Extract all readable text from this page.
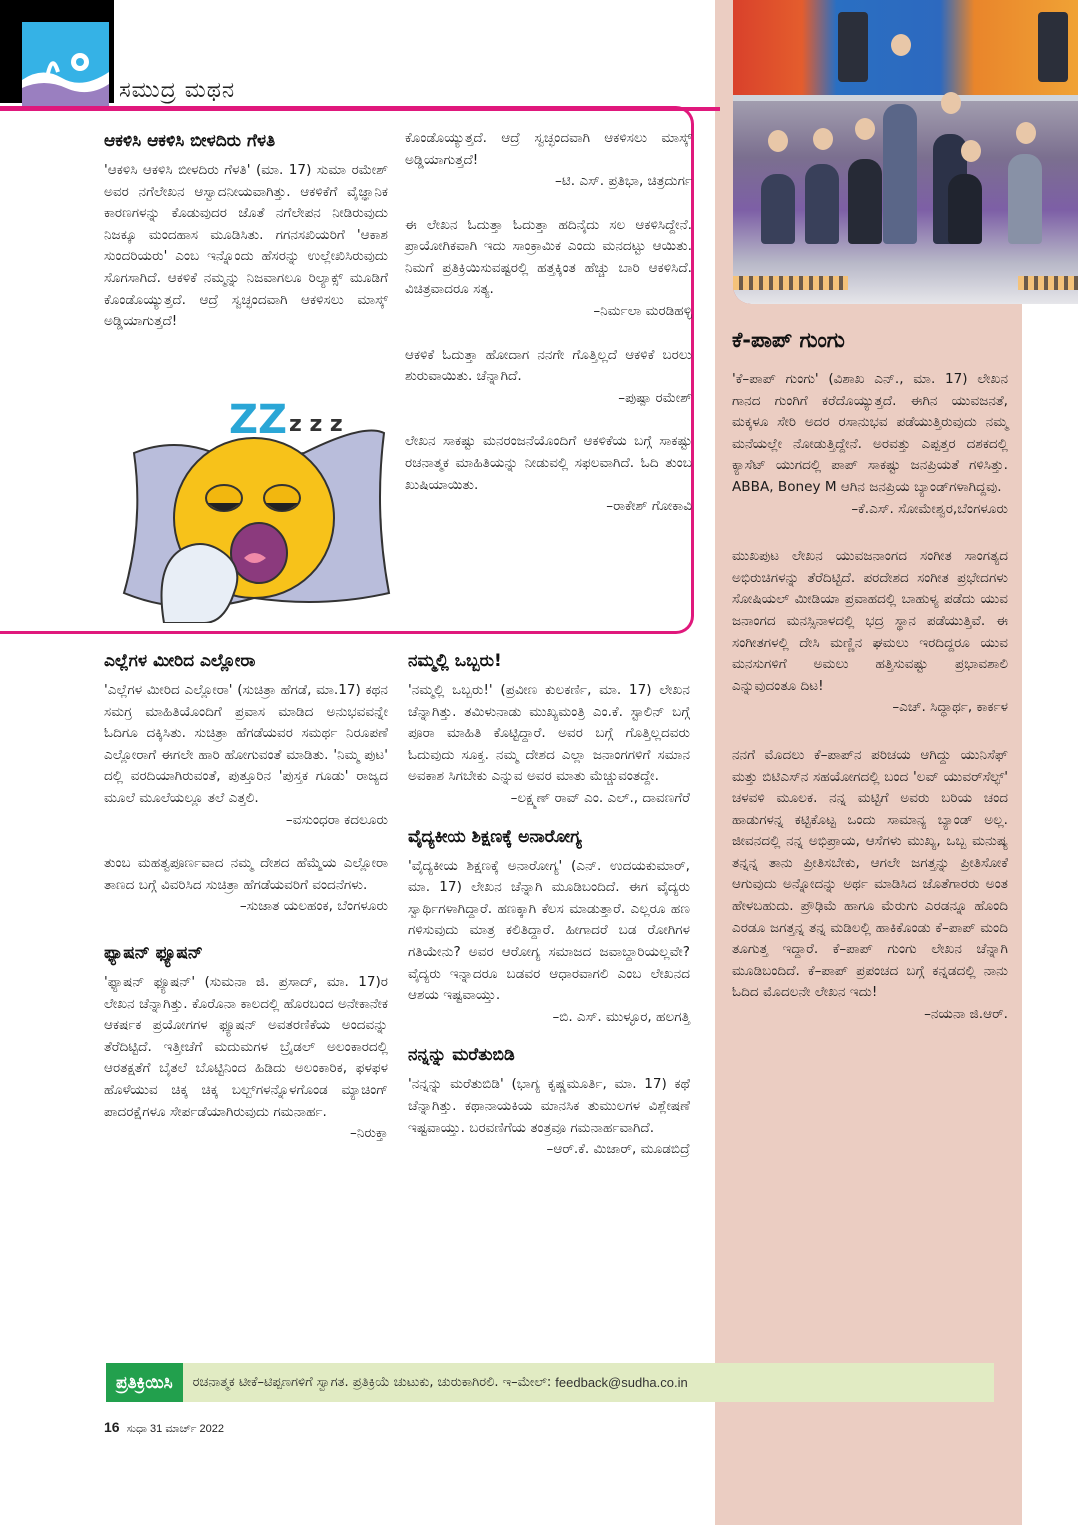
ಸಮುದ್ರ ಮಥನ
ಆಕಳಿಸಿ ಆಕಳಿಸಿ ಬೀಳದಿರು ಗೆಳತಿ

'ಆಕಳಿಸಿ ಆಕಳಿಸಿ ಬೀಳದಿರು ಗೆಳತಿ' (ಮಾ. 17) ಸುಮಾ ರಮೇಶ್ ಅವರ ನಗೆಲೇಖನ ಆಸ್ವಾದನೀಯವಾಗಿತ್ತು. ಆಕಳಿಕೆಗೆ ವೈಜ್ಞಾನಿಕ ಕಾರಣಗಳನ್ನು ಕೊಡುವುದರ ಜೊತೆ ನಗೆಲೇಪನ ನೀಡಿರುವುದು ನಿಜಕ್ಕೂ ಮಂದಹಾಸ ಮೂಡಿಸಿತು. ಗಗನಸಖಿಯರಿಗೆ 'ಆಕಾಶ ಸುಂದರಿಯರು' ಎಂಬ ಇನ್ನೊಂದು ಹೆಸರನ್ನು ಉಲ್ಲೇಖಿಸಿರುವುದು ಸೊಗಸಾಗಿದೆ. ಆಕಳಿಕೆ ನಮ್ಮನ್ನು ನಿಜವಾಗಲೂ ರಿಲ್ಯಾಕ್ಸ್ ಮೂಡಿಗೆ ಕೊಂಡೊಯ್ಯುತ್ತದೆ. ಆದ್ರೆ ಸ್ವಚ್ಛಂದವಾಗಿ ಆಕಳಿಸಲು ಮಾಸ್ಕ್ ಅಡ್ಡಿಯಾಗುತ್ತದೆ!

ZZ z z z

ಕೊಂಡೊಯ್ಯುತ್ತದೆ. ಆದ್ರೆ ಸ್ವಚ್ಛಂದವಾಗಿ ಆಕಳಿಸಲು ಮಾಸ್ಕ್ ಅಡ್ಡಿಯಾಗುತ್ತದೆ!

–ಟಿ. ಎಸ್. ಪ್ರತಿಭಾ, ಚಿತ್ರದುರ್ಗ

ಈ ಲೇಖನ ಓದುತ್ತಾ ಓದುತ್ತಾ ಹದಿನೈದು ಸಲ ಆಕಳಿಸಿದ್ದೇನೆ. ಪ್ರಾಯೋಗಿಕವಾಗಿ ಇದು ಸಾಂಕ್ರಾಮಿಕ ಎಂದು ಮನದಟ್ಟು ಆಯಿತು. ನಿಮಗೆ ಪ್ರತಿಕ್ರಿಯಿಸುವಷ್ಟರಲ್ಲಿ ಹತ್ತಕ್ಕಿಂತ ಹೆಚ್ಚು ಬಾರಿ ಆಕಳಿಸಿದೆ. ವಿಚಿತ್ರವಾದರೂ ಸತ್ಯ.

–ನಿರ್ಮಲಾ ಮರಡಿಹಳ್ಳಿ

ಆಕಳಿಕೆ ಓದುತ್ತಾ ಹೋದಾಗ ನನಗೇ ಗೊತ್ತಿಲ್ಲದೆ ಆಕಳಿಕೆ ಬರಲು ಶುರುವಾಯಿತು. ಚೆನ್ನಾಗಿದೆ.

–ಪುಷ್ಪಾ ರಮೇಶ್

ಲೇಖನ ಸಾಕಷ್ಟು ಮನರಂಜನೆಯೊಂದಿಗೆ ಆಕಳಿಕೆಯ ಬಗ್ಗೆ ಸಾಕಷ್ಟು ರಚನಾತ್ಮಕ ಮಾಹಿತಿಯನ್ನು ನೀಡುವಲ್ಲಿ ಸಫಲವಾಗಿದೆ. ಓದಿ ತುಂಬ ಖುಷಿಯಾಯಿತು.

–ರಾಕೇಶ್ ಗೋಕಾವಿ

ಎಲ್ಲೆಗಳ ಮೀರಿದ ಎಲ್ಲೋರಾ

'ಎಲ್ಲೆಗಳ ಮೀರಿದ ಎಲ್ಲೋರಾ' (ಸುಚಿತ್ರಾ ಹೆಗಡೆ, ಮಾ.17) ಕಥನ ಸಮಗ್ರ ಮಾಹಿತಿಯೊಂದಿಗೆ ಪ್ರವಾಸ ಮಾಡಿದ ಅನುಭವವನ್ನೇ ಓದಿಗೂ ದಕ್ಕಿಸಿತು. ಸುಚಿತ್ರಾ ಹೆಗಡೆಯವರ ಸಮರ್ಥ ನಿರೂಪಣೆ ಎಲ್ಲೋರಾಗೆ ಈಗಲೇ ಹಾರಿ ಹೋಗುವಂತೆ ಮಾಡಿತು. 'ನಿಮ್ಮ ಪುಟ' ದಲ್ಲಿ ವರದಿಯಾಗಿರುವಂತೆ, ಪುತ್ತೂರಿನ 'ಪುಸ್ತಕ ಗೂಡು' ರಾಜ್ಯದ ಮೂಲೆ ಮೂಲೆಯಲ್ಲೂ ತಲೆ ಎತ್ತಲಿ.

–ವಸುಂಧರಾ ಕದಲೂರು

ತುಂಬ ಮಹತ್ವಪೂರ್ಣವಾದ ನಮ್ಮ ದೇಶದ ಹೆಮ್ಮೆಯ ಎಲ್ಲೋರಾ ತಾಣದ ಬಗ್ಗೆ ವಿವರಿಸಿದ ಸುಚಿತ್ರಾ ಹೆಗಡೆಯವರಿಗೆ ವಂದನೆಗಳು.

–ಸುಜಾತ ಯಲಹಂಕ, ಬೆಂಗಳೂರು

ಫ್ಯಾಷನ್ ಫ್ಯೂಷನ್

'ಫ್ಯಾಷನ್ ಫ್ಯೂಷನ್' (ಸುಮನಾ ಜಿ. ಪ್ರಸಾದ್, ಮಾ. 17)ರ ಲೇಖನ ಚೆನ್ನಾಗಿತ್ತು. ಕೊರೊನಾ ಕಾಲದಲ್ಲಿ ಹೊರಬಂದ ಅನೇಕಾನೇಕ ಆಕರ್ಷಕ ಪ್ರಯೋಗಗಳ ಫ್ಯೂಷನ್ ಅವತರಣಿಕೆಯ ಅಂದವನ್ನು ತೆರೆದಿಟ್ಟಿದೆ. ಇತ್ತೀಚೆಗೆ ಮದುಮಗಳ ಬ್ರೈಡಲ್ ಅಲಂಕಾರದಲ್ಲಿ ಆರತಕ್ಷತೆಗೆ ಬೈತಲೆ ಬೊಟ್ಟಿನಿಂದ ಹಿಡಿದು ಅಲಂಕಾರಿಕ, ಫಳಫಳ ಹೊಳೆಯುವ ಚಿಕ್ಕ ಚಿಕ್ಕ ಬಲ್ಬ್‌ಗಳನ್ನೊಳಗೊಂಡ ಮ್ಯಾಚಿಂಗ್ ಪಾದರಕ್ಷೆಗಳೂ ಸೇರ್ಪಡೆಯಾಗಿರುವುದು ಗಮನಾರ್ಹ.

–ನಿರುಕ್ತಾ

ನಮ್ಮಲ್ಲಿ ಒಬ್ಬರು!

'ನಮ್ಮಲ್ಲಿ ಒಬ್ಬರು!' (ಪ್ರವೀಣ ಕುಲಕರ್ಣಿ, ಮಾ. 17) ಲೇಖನ ಚೆನ್ನಾಗಿತ್ತು. ತಮಿಳುನಾಡು ಮುಖ್ಯಮಂತ್ರಿ ಎಂ.ಕೆ. ಸ್ಟಾಲಿನ್ ಬಗ್ಗೆ ಪೂರಾ ಮಾಹಿತಿ ಕೊಟ್ಟಿದ್ದಾರೆ. ಅವರ ಬಗ್ಗೆ ಗೊತ್ತಿಲ್ಲದವರು ಓದುವುದು ಸೂಕ್ತ. ನಮ್ಮ ದೇಶದ ಎಲ್ಲಾ ಜನಾಂಗಗಳಿಗೆ ಸಮಾನ ಅವಕಾಶ ಸಿಗಬೇಕು ಎನ್ನುವ ಅವರ ಮಾತು ಮೆಚ್ಚುವಂತದ್ದೇ.

–ಲಕ್ಷ್ಮಣ್ ರಾವ್ ಎಂ. ಎಲ್., ದಾವಣಗೆರೆ

ವೈದ್ಯಕೀಯ ಶಿಕ್ಷಣಕ್ಕೆ ಅನಾರೋಗ್ಯ

'ವೈದ್ಯಕೀಯ ಶಿಕ್ಷಣಕ್ಕೆ ಅನಾರೋಗ್ಯ' (ಎನ್. ಉದಯಕುಮಾರ್, ಮಾ. 17) ಲೇಖನ ಚೆನ್ನಾಗಿ ಮೂಡಿಬಂದಿದೆ. ಈಗ ವೈದ್ಯರು ಸ್ವಾರ್ಥಿಗಳಾಗಿದ್ದಾರೆ. ಹಣಕ್ಕಾಗಿ ಕೆಲಸ ಮಾಡುತ್ತಾರೆ. ಎಲ್ಲರೂ ಹಣ ಗಳಿಸುವುದು ಮಾತ್ರ ಕಲಿತಿದ್ದಾರೆ. ಹೀಗಾದರೆ ಬಡ ರೋಗಿಗಳ ಗತಿಯೇನು? ಅವರ ಆರೋಗ್ಯ ಸಮಾಜದ ಜವಾಬ್ದಾರಿಯಲ್ಲವೇ? ವೈದ್ಯರು ಇನ್ನಾದರೂ ಬಡವರ ಆಧಾರವಾಗಲಿ ಎಂಬ ಲೇಖನದ ಆಶಯ ಇಷ್ಟವಾಯ್ತು.

–ಬಿ. ಎಸ್. ಮುಳ್ಳೂರ, ಹಲಗತ್ತಿ

ನನ್ನನ್ನು ಮರೆತುಬಿಡಿ

'ನನ್ನನ್ನು ಮರೆತುಬಿಡಿ' (ಭಾಗ್ಯ ಕೃಷ್ಣಮೂರ್ತಿ, ಮಾ. 17) ಕಥೆ ಚೆನ್ನಾಗಿತ್ತು. ಕಥಾನಾಯಕಿಯ ಮಾನಸಿಕ ತುಮುಲಗಳ ವಿಶ್ಲೇಷಣೆ ಇಷ್ಟವಾಯ್ತು. ಬರವಣಿಗೆಯ ತಂತ್ರವೂ ಗಮನಾರ್ಹವಾಗಿದೆ.

–ಆರ್.ಕೆ. ಮಿಜಾರ್, ಮೂಡಬಿದ್ರೆ

ಕೆ-ಪಾಪ್ ಗುಂಗು

'ಕೆ–ಪಾಪ್ ಗುಂಗು' (ವಿಶಾಖ ಎನ್., ಮಾ. 17) ಲೇಖನ ಗಾನದ ಗುಂಗಿಗೆ ಕರೆದೊಯ್ಯುತ್ತದೆ. ಈಗಿನ ಯುವಜನತೆ, ಮಕ್ಕಳೂ ಸೇರಿ ಅದರ ರಸಾನುಭವ ಪಡೆಯುತ್ತಿರುವುದು ನಮ್ಮ ಮನೆಯಲ್ಲೇ ನೋಡುತ್ತಿದ್ದೇನೆ. ಅರವತ್ತು ಎಪ್ಪತ್ತರ ದಶಕದಲ್ಲಿ ಕ್ಯಾಸೆಟ್ ಯುಗದಲ್ಲಿ ಪಾಪ್ ಸಾಕಷ್ಟು ಜನಪ್ರಿಯತೆ ಗಳಿಸಿತ್ತು. ABBA, Boney M ಆಗಿನ ಜನಪ್ರಿಯ ಬ್ಯಾಂಡ್‌ಗಳಾಗಿದ್ದವು.

–ಕೆ.ಎಸ್. ಸೋಮೇಶ್ವರ,ಬೆಂಗಳೂರು

ಮುಖಪುಟ ಲೇಖನ ಯುವಜನಾಂಗದ ಸಂಗೀತ ಸಾಂಗತ್ಯದ ಅಭಿರುಚಿಗಳನ್ನು ತೆರೆದಿಟ್ಟಿದೆ. ಪರದೇಶದ ಸಂಗೀತ ಪ್ರಭೇದಗಳು ಸೋಷಿಯಲ್ ಮೀಡಿಯಾ ಪ್ರವಾಹದಲ್ಲಿ ಬಾಹುಳ್ಯ ಪಡೆದು ಯುವ ಜನಾಂಗದ ಮನಸ್ಸಿನಾಳದಲ್ಲಿ ಭದ್ರ ಸ್ಥಾನ ಪಡೆಯುತ್ತಿವೆ. ಈ ಸಂಗೀತಗಳಲ್ಲಿ ದೇಸಿ ಮಣ್ಣಿನ ಘಮಲು ಇರದಿದ್ದರೂ ಯುವ ಮನಸುಗಳಿಗೆ ಅಮಲು ಹತ್ತಿಸುವಷ್ಟು ಪ್ರಭಾವಶಾಲಿ ಎನ್ನುವುದಂತೂ ದಿಟ!

–ಎಚ್. ಸಿದ್ಧಾರ್ಥ, ಕಾರ್ಕಳ

ನನಗೆ ಮೊದಲು ಕೆ–ಪಾಪ್‌ನ ಪರಿಚಯ ಆಗಿದ್ದು ಯುನಿಸೆಫ್ ಮತ್ತು ಬಿಟಿಎಸ್‌ನ ಸಹಯೋಗದಲ್ಲಿ ಬಂದ 'ಲವ್ ಯುವರ್‌ಸೆಲ್ಫ್' ಚಳವಳಿ ಮೂಲಕ. ನನ್ನ ಮಟ್ಟಿಗೆ ಅವರು ಬರಿಯ ಚಂದ ಹಾಡುಗಳನ್ನ ಕಟ್ಟಿಕೊಟ್ಟ ಒಂದು ಸಾಮಾನ್ಯ ಬ್ಯಾಂಡ್ ಅಲ್ಲ. ಜೀವನದಲ್ಲಿ ನನ್ನ ಅಭಿಪ್ರಾಯ, ಆಸೆಗಳು ಮುಖ್ಯ, ಒಬ್ಬ ಮನುಷ್ಯ ತನ್ನನ್ನ ತಾನು ಪ್ರೀತಿಸಬೇಕು, ಆಗಲೇ ಜಗತ್ತನ್ನು ಪ್ರೀತಿಸೋಕೆ ಆಗುವುದು ಅನ್ನೋದನ್ನು ಅರ್ಥ ಮಾಡಿಸಿದ ಜೊತೆಗಾರರು ಅಂತ ಹೇಳಬಹುದು. ಪ್ರೌಢಿಮೆ ಹಾಗೂ ಮೆರುಗು ಎರಡನ್ನೂ ಹೊಂದಿ ಎರಡೂ ಜಗತ್ತನ್ನ ತನ್ನ ಮಡಿಲಲ್ಲಿ ಹಾಕಿಕೊಂಡು ಕೆ–ಪಾಪ್ ಮಂದಿ ತೂಗುತ್ತ ಇದ್ದಾರೆ. ಕೆ–ಪಾಪ್ ಗುಂಗು ಲೇಖನ ಚೆನ್ನಾಗಿ ಮೂಡಿಬಂದಿದೆ. ಕೆ–ಪಾಪ್ ಪ್ರಪಂಚದ ಬಗ್ಗೆ ಕನ್ನಡದಲ್ಲಿ ನಾನು ಓದಿದ ಮೊದಲನೇ ಲೇಖನ ಇದು!

–ನಯನಾ ಜಿ.ಆರ್.

ಪ್ರತಿಕ್ರಿಯಿಸಿ	ರಚನಾತ್ಮಕ ಟೀಕೆ–ಟಿಪ್ಪಣಗಳಿಗೆ ಸ್ವಾಗತ. ಪ್ರತಿಕ್ರಿಯೆ ಚುಟುಕು, ಚುರುಕಾಗಿರಲಿ. ಇ–ಮೇಲ್: feedback@sudha.co.in
16 ಸುಧಾ 31 ಮಾರ್ಚ್ 2022
